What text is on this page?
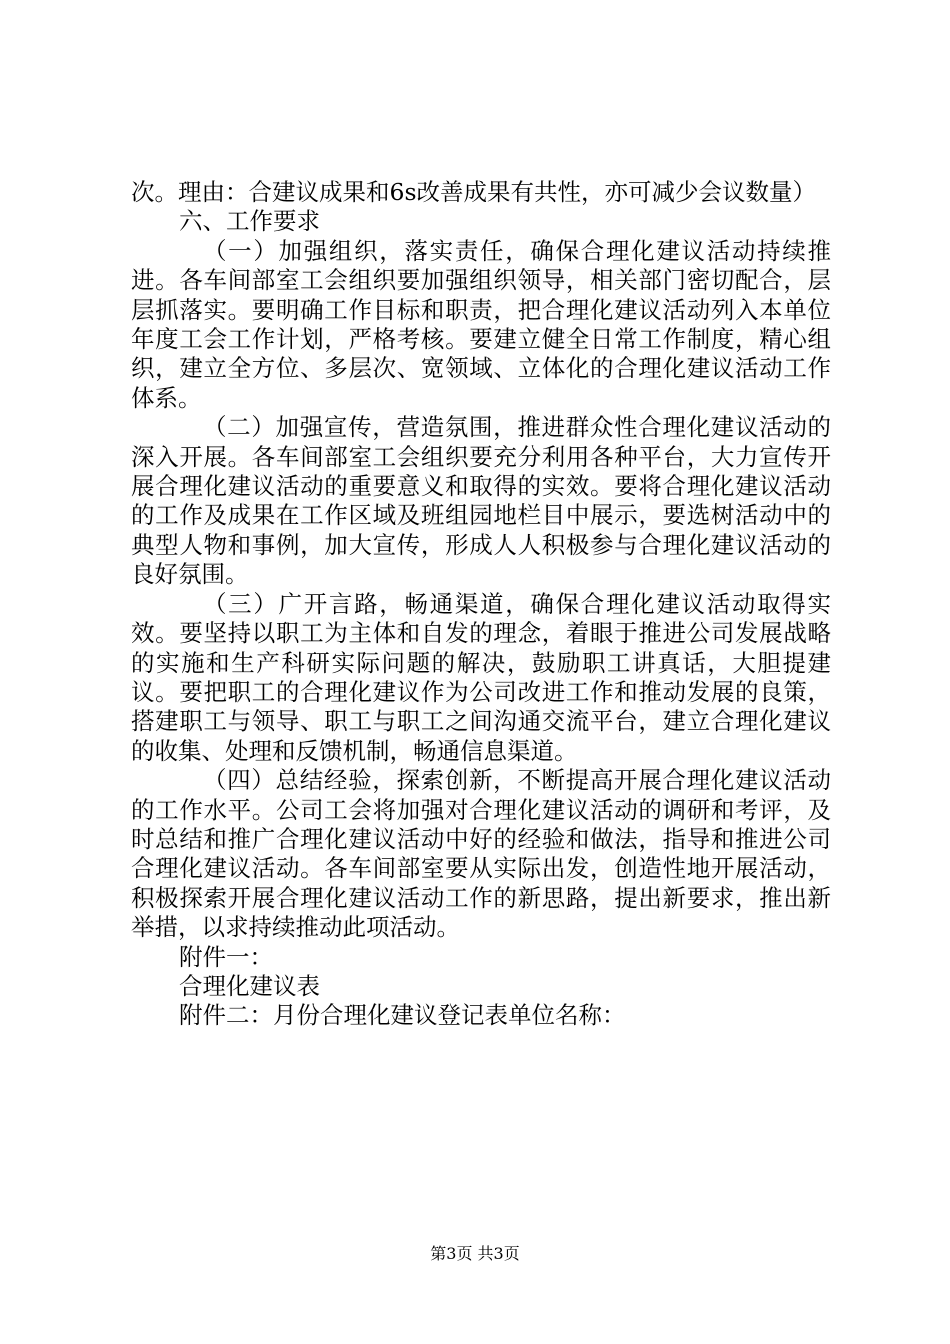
次。理由：合建议成果和6s改善成果有共性，亦可减少会议数量）

六、工作要求

（一）加强组织，落实责任，确保合理化建议活动持续推进。各车间部室工会组织要加强组织领导，相关部门密切配合，层层抓落实。要明确工作目标和职责，把合理化建议活动列入本单位年度工会工作计划，严格考核。要建立健全日常工作制度，精心组织，建立全方位、多层次、宽领域、立体化的合理化建议活动工作体系。

（二）加强宣传，营造氛围，推进群众性合理化建议活动的深入开展。各车间部室工会组织要充分利用各种平台，大力宣传开展合理化建议活动的重要意义和取得的实效。要将合理化建议活动的工作及成果在工作区域及班组园地栏目中展示，要选树活动中的典型人物和事例，加大宣传，形成人人积极参与合理化建议活动的良好氛围。

（三）广开言路，畅通渠道，确保合理化建议活动取得实效。要坚持以职工为主体和自发的理念，着眼于推进公司发展战略的实施和生产科研实际问题的解决，鼓励职工讲真话，大胆提建议。要把职工的合理化建议作为公司改进工作和推动发展的良策，搭建职工与领导、职工与职工之间沟通交流平台，建立合理化建议的收集、处理和反馈机制，畅通信息渠道。

（四）总结经验，探索创新，不断提高开展合理化建议活动的工作水平。公司工会将加强对合理化建议活动的调研和考评，及时总结和推广合理化建议活动中好的经验和做法，指导和推进公司合理化建议活动。各车间部室要从实际出发，创造性地开展活动，积极探索开展合理化建议活动工作的新思路，提出新要求，推出新举措，以求持续推动此项活动。

附件一：

合理化建议表

附件二：月份合理化建议登记表单位名称：

第3页 共3页
